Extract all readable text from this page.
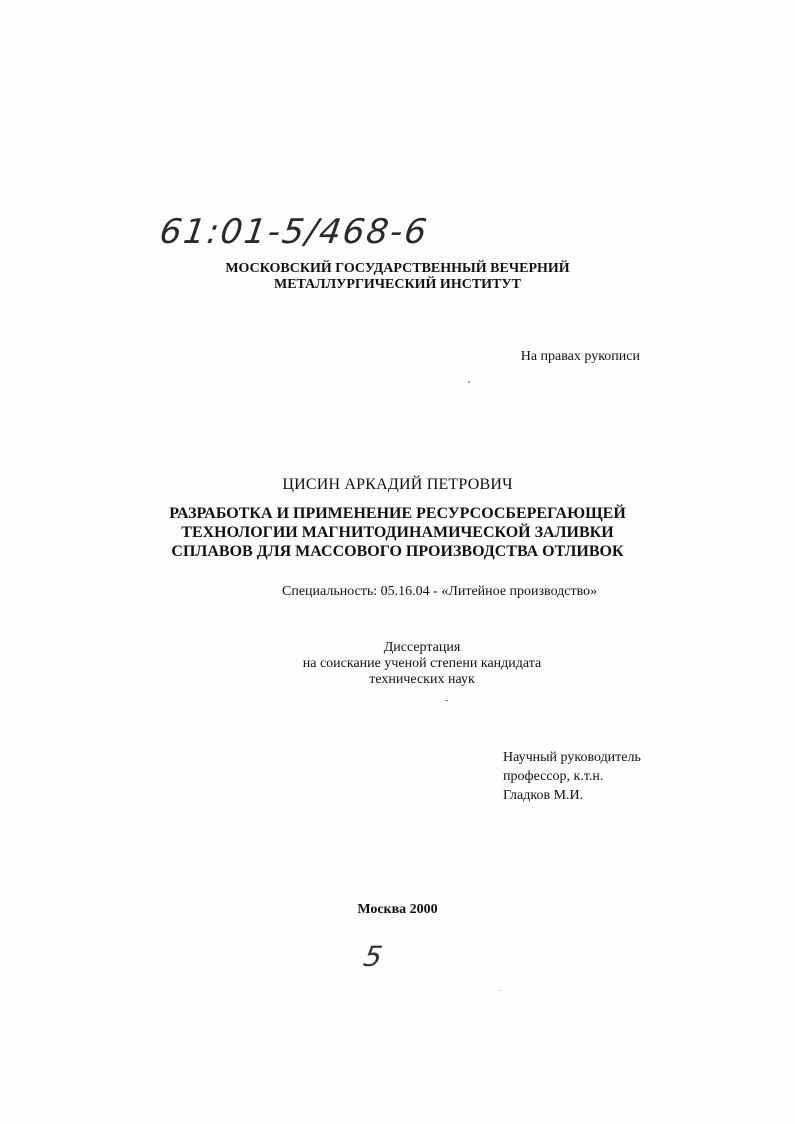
61:01-5/468-6

МОСКОВСКИЙ ГОСУДАРСТВЕННЫЙ ВЕЧЕРНИЙ
МЕТАЛЛУРГИЧЕСКИЙ ИНСТИТУТ

На правах рукописи

ЦИСИН АРКАДИЙ ПЕТРОВИЧ

РАЗРАБОТКА И ПРИМЕНЕНИЕ РЕСУРСОСБЕРЕГАЮЩЕЙ
ТЕХНОЛОГИИ МАГНИТОДИНАМИЧЕСКОЙ ЗАЛИВКИ
СПЛАВОВ ДЛЯ МАССОВОГО ПРОИЗВОДСТВА ОТЛИВОК

Специальность: 05.16.04 - «Литейное производство»

Диссертация
на соискание ученой степени кандидата
технических наук
Научный руководитель
профессор, к.т.н.
Гладков М.И.

Москва 2000

5
